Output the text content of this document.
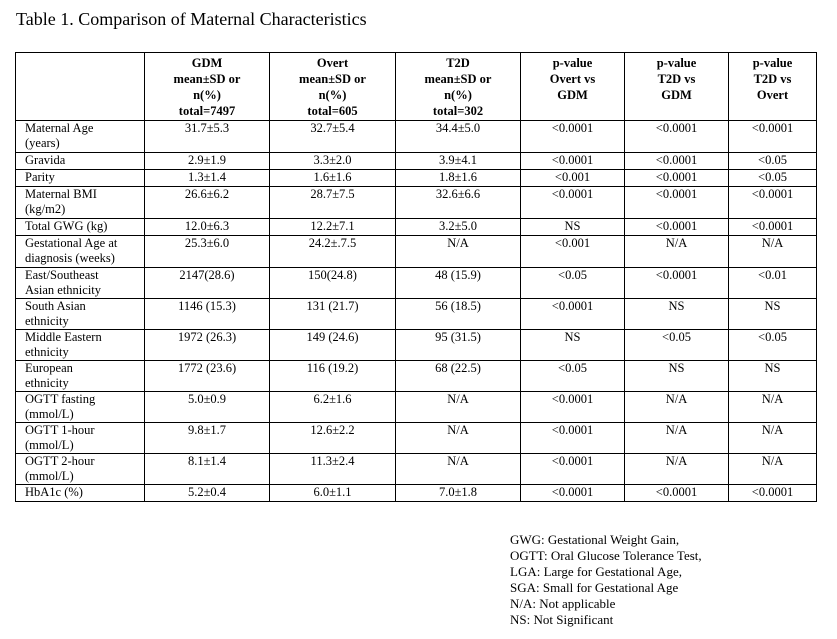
Table 1. Comparison of Maternal Characteristics

	GDM
mean±SD or
n(%)
total=7497	Overt
mean±SD or
n(%)
total=605	T2D
mean±SD or
n(%)
total=302	p-value
Overt vs
GDM	p-value
T2D vs
GDM	p-value
T2D vs
Overt

Maternal Age
(years)	31.7±5.3	32.7±5.4	34.4±5.0	<0.0001	<0.0001	<0.0001

Gravida	2.9±1.9	3.3±2.0	3.9±4.1	<0.0001	<0.0001	<0.05

Parity	1.3±1.4	1.6±1.6	1.8±1.6	<0.001	<0.0001	<0.05

Maternal BMI
(kg/m2)	26.6±6.2	28.7±7.5	32.6±6.6	<0.0001	<0.0001	<0.0001

Total GWG (kg)	12.0±6.3	12.2±7.1	3.2±5.0	NS	<0.0001	<0.0001

Gestational Age at
diagnosis (weeks)	25.3±6.0	24.2±.7.5	N/A	<0.001	N/A	N/A

East/Southeast
Asian ethnicity	2147(28.6)	150(24.8)	48 (15.9)	<0.05	<0.0001	<0.01

South Asian
ethnicity	1146 (15.3)	131 (21.7)	56 (18.5)	<0.0001	NS	NS

Middle Eastern
ethnicity	1972 (26.3)	149 (24.6)	95 (31.5)	NS	<0.05	<0.05

European
ethnicity	1772 (23.6)	116 (19.2)	68 (22.5)	<0.05	NS	NS

OGTT fasting
(mmol/L)	5.0±0.9	6.2±1.6	N/A	<0.0001	N/A	N/A

OGTT 1-hour
(mmol/L)	9.8±1.7	12.6±2.2	N/A	<0.0001	N/A	N/A

OGTT 2-hour
(mmol/L)	8.1±1.4	11.3±2.4	N/A	<0.0001	N/A	N/A

HbA1c (%)	5.2±0.4	6.0±1.1	7.0±1.8	<0.0001	<0.0001	<0.0001
GWG: Gestational Weight Gain,
OGTT: Oral Glucose Tolerance Test,
LGA: Large for Gestational Age,
SGA: Small for Gestational Age
N/A: Not applicable
NS: Not Significant
